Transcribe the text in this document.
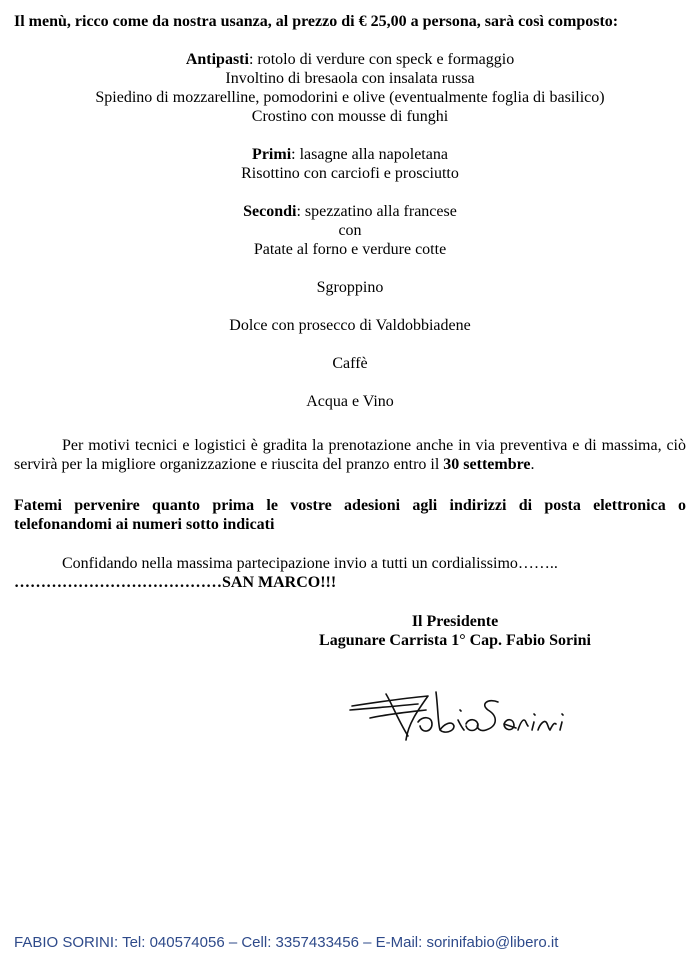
Il menù, ricco come da nostra usanza, al prezzo di € 25,00 a persona, sarà così composto:
Antipasti: rotolo di verdure con speck e formaggio
Involtino di bresaola con insalata russa
Spiedino di mozzarelline, pomodorini e olive (eventualmente foglia di basilico)
Crostino con mousse di funghi
Primi: lasagne alla napoletana
Risottino con carciofi e prosciutto
Secondi: spezzatino alla francese
con
Patate al forno e verdure cotte
Sgroppino
Dolce con prosecco di Valdobbiadene
Caffè
Acqua e Vino
Per motivi tecnici e logistici è gradita la prenotazione anche in via preventiva e di massima, ciò servirà per la migliore organizzazione e riuscita del pranzo entro il 30 settembre.
Fatemi pervenire quanto prima le vostre adesioni agli indirizzi di posta elettronica o telefonandomi ai numeri sotto indicati
Confidando nella massima partecipazione invio a tutti un cordialissimo……..
…………………………………SAN MARCO!!!
Il Presidente
Lagunare Carrista 1° Cap. Fabio Sorini
FABIO SORINI: Tel: 040574056 – Cell: 3357433456 – E-Mail: sorinifabio@libero.it
